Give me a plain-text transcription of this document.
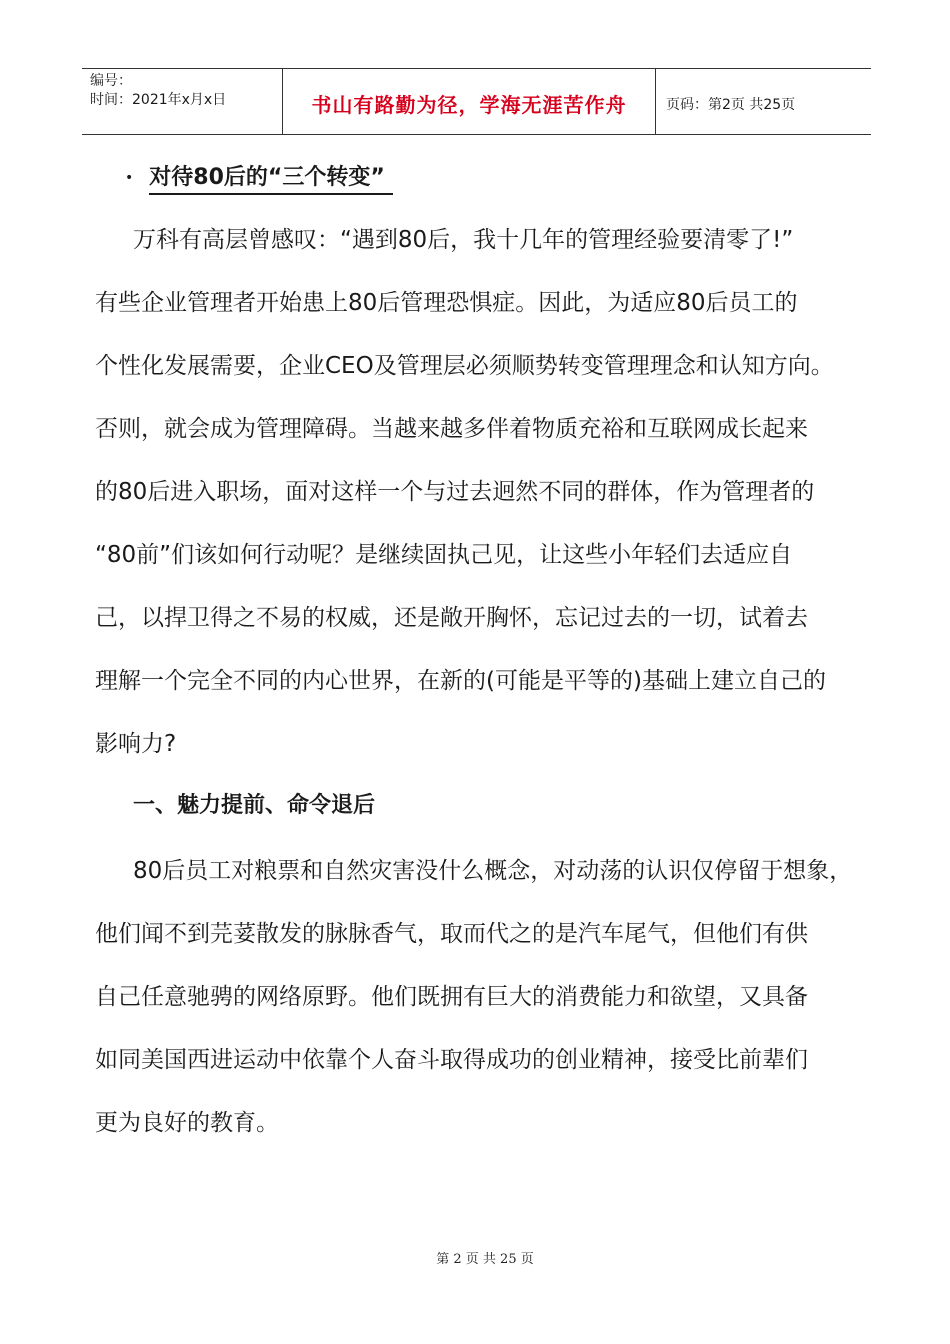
编号：
时间：2021年x月x日	书山有路勤为径，学海无涯苦作舟	页码：第2页 共25页
• 对待80后的“三个转变”
万科有高层曾感叹：“遇到80后，我十几年的管理经验要清零了!”
有些企业管理者开始患上80后管理恐惧症。因此，为适应80后员工的
个性化发展需要，企业CEO及管理层必须顺势转变管理理念和认知方向。
否则，就会成为管理障碍。当越来越多伴着物质充裕和互联网成长起来
的80后进入职场，面对这样一个与过去迥然不同的群体，作为管理者的
“80前”们该如何行动呢？是继续固执己见，让这些小年轻们去适应自
己，以捍卫得之不易的权威，还是敞开胸怀，忘记过去的一切，试着去
理解一个完全不同的内心世界，在新的(可能是平等的)基础上建立自己的
影响力?
一、魅力提前、命令退后
80后员工对粮票和自然灾害没什么概念，对动荡的认识仅停留于想象，
他们闻不到芫荽散发的脉脉香气，取而代之的是汽车尾气，但他们有供
自己任意驰骋的网络原野。他们既拥有巨大的消费能力和欲望，又具备
如同美国西进运动中依靠个人奋斗取得成功的创业精神，接受比前辈们
更为良好的教育。
第 2 页 共 25 页
